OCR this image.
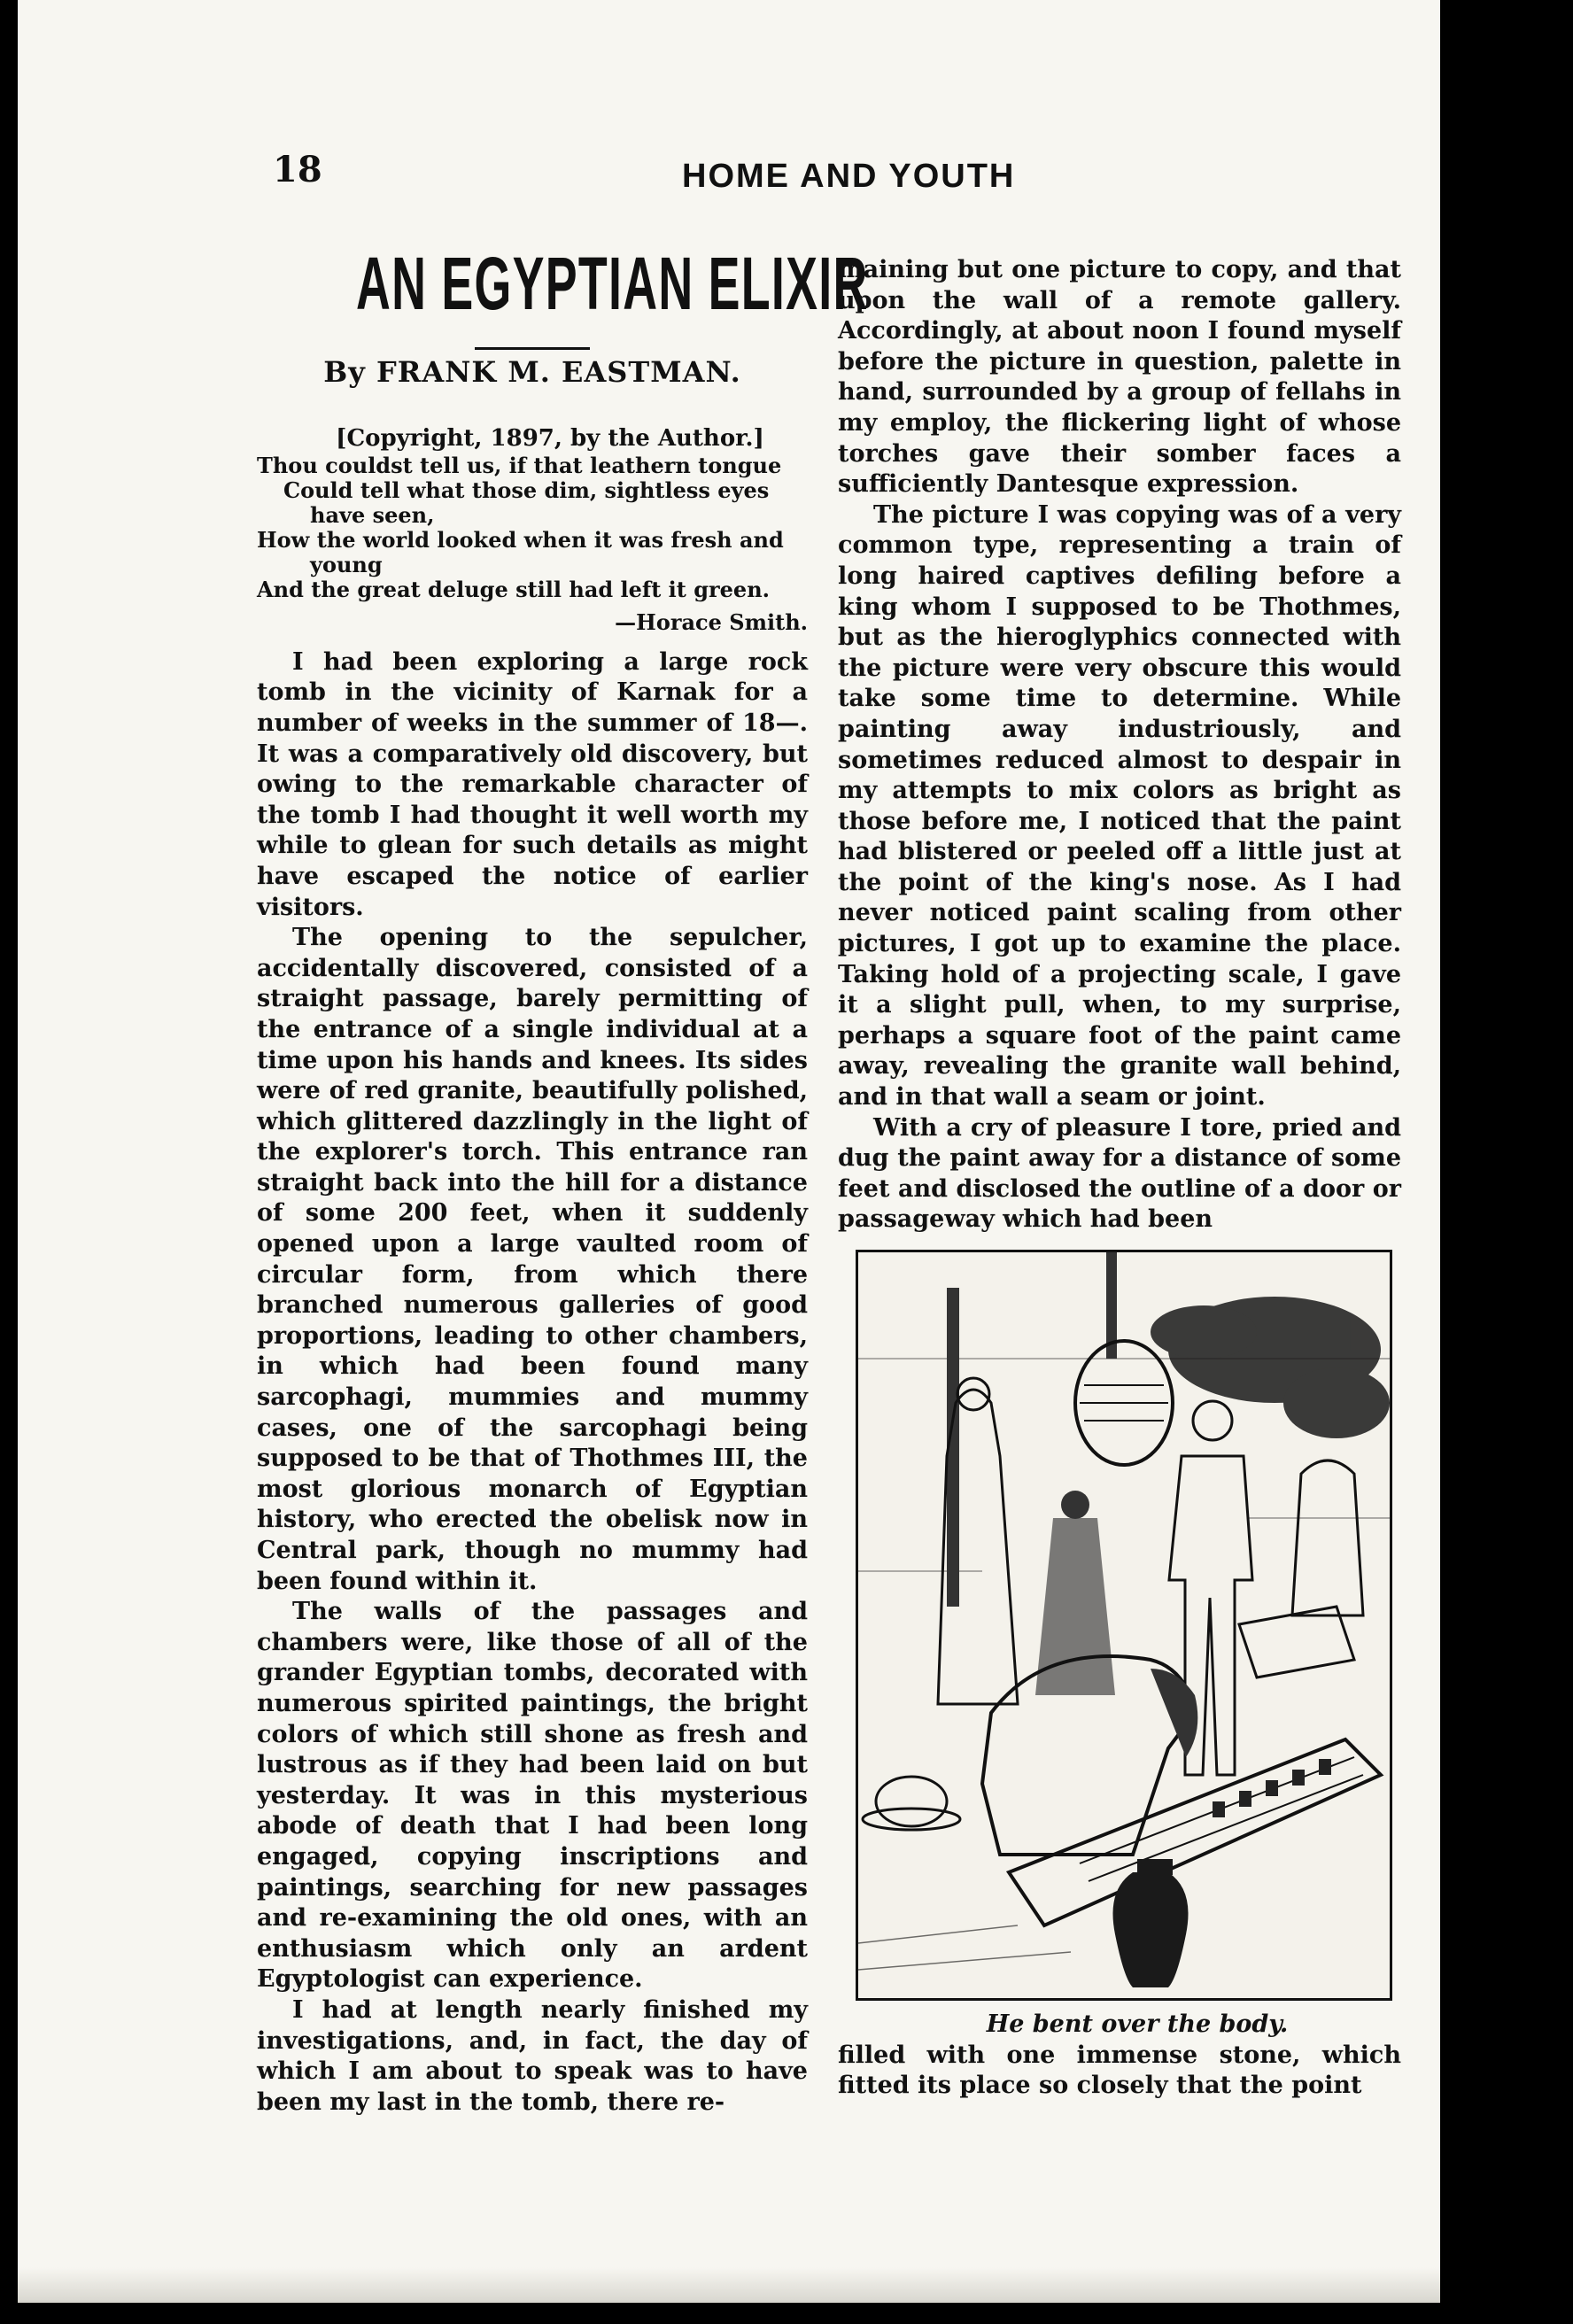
18	HOME AND YOUTH
AN EGYPTIAN ELIXIR
By FRANK M. EASTMAN.

[Copyright, 1897, by the Author.]

Thou couldst tell us, if that leathern tongue
Could tell what those dim, sightless eyes
have seen,
How the world looked when it was fresh and
young
And the great deluge still had left it green.
—Horace Smith.

I had been exploring a large rock tomb in the vicinity of Karnak for a number of weeks in the summer of 18—. It was a comparatively old discovery, but owing to the remarkable character of the tomb I had thought it well worth my while to glean for such details as might have escaped the notice of earlier visitors.

The opening to the sepulcher, accidentally discovered, consisted of a straight passage, barely permitting of the entrance of a single individual at a time upon his hands and knees. Its sides were of red granite, beautifully polished, which glittered dazzlingly in the light of the explorer's torch. This entrance ran straight back into the hill for a distance of some 200 feet, when it suddenly opened upon a large vaulted room of circular form, from which there branched numerous galleries of good proportions, leading to other chambers, in which had been found many sarcophagi, mummies and mummy cases, one of the sarcophagi being supposed to be that of Thothmes III, the most glorious monarch of Egyptian history, who erected the obelisk now in Central park, though no mummy had been found within it.

The walls of the passages and chambers were, like those of all of the grander Egyptian tombs, decorated with numerous spirited paintings, the bright colors of which still shone as fresh and lustrous as if they had been laid on but yesterday. It was in this mysterious abode of death that I had been long engaged, copying inscriptions and paintings, searching for new passages and re-examining the old ones, with an enthusiasm which only an ardent Egyptologist can experience.

I had at length nearly finished my investigations, and, in fact, the day of which I am about to speak was to have been my last in the tomb, there re-

maining but one picture to copy, and that upon the wall of a remote gallery. Accordingly, at about noon I found myself before the picture in question, palette in hand, surrounded by a group of fellahs in my employ, the flickering light of whose torches gave their somber faces a sufficiently Dantesque expression.

The picture I was copying was of a very common type, representing a train of long haired captives defiling before a king whom I supposed to be Thothmes, but as the hieroglyphics connected with the picture were very obscure this would take some time to determine. While painting away industriously, and sometimes reduced almost to despair in my attempts to mix colors as bright as those before me, I noticed that the paint had blistered or peeled off a little just at the point of the king's nose. As I had never noticed paint scaling from other pictures, I got up to examine the place. Taking hold of a projecting scale, I gave it a slight pull, when, to my surprise, perhaps a square foot of the paint came away, revealing the granite wall behind, and in that wall a seam or joint.

With a cry of pleasure I tore, pried and dug the paint away for a distance of some feet and disclosed the outline of a door or passageway which had been

He bent over the body.

filled with one immense stone, which fitted its place so closely that the point
